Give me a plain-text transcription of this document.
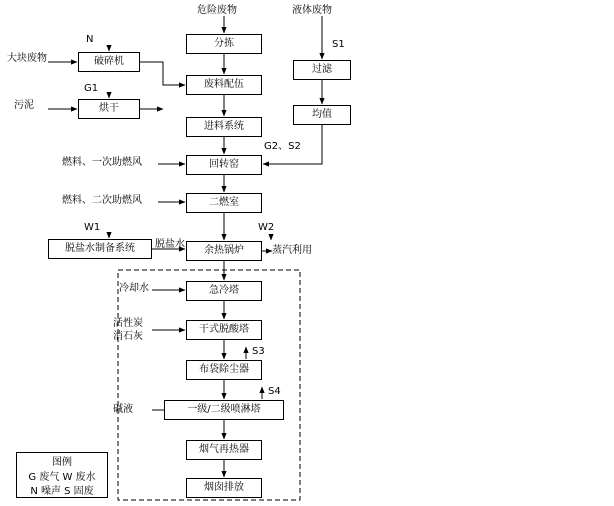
分拣
破碎机
烘干
过滤
废料配伍
均值
进料系统
回转窑
二燃室
脱盐水制备系统	余热锅炉
急冷塔
干式脱酸塔
布袋除尘器
一级/二级喷淋塔
烟气再热器
烟囱排放
危险废物	液体废物
大块废物
污泥
N
G1
S1
G2、S2
燃料、一次助燃风
燃料、二次助燃风
W1	W2
脱盐水
蒸汽利用
冷却水
活性炭
消石灰
S3
S4
碱液
图例
G 废气 W 废水
N 噪声 S 固废
